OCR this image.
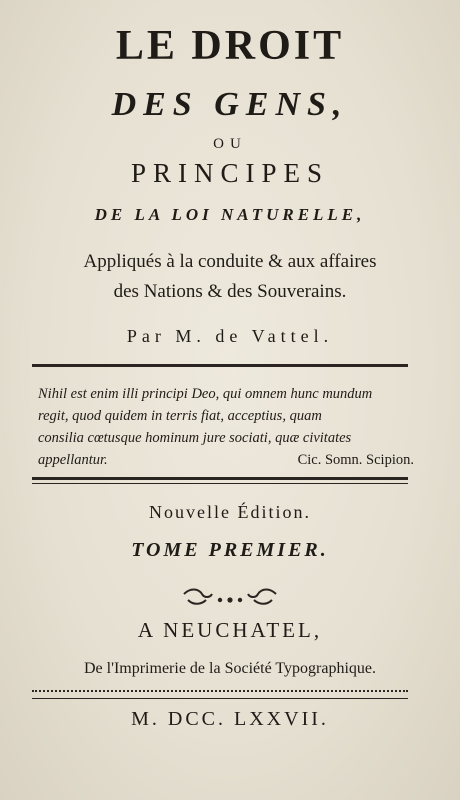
LE DROIT
DES GENS,
OU
PRINCIPES
DE LA LOI NATURELLE,
Appliqués à la conduite & aux affaires
des Nations & des Souverains.
Par M. de Vattel.
Nihil est enim illi principi Deo, qui omnem hunc mundum
regit, quod quidem in terris fiat, acceptius, quam
consilia cœtusque hominum jure sociati, quæ civitates
appellantur.	Cic. Somn. Scipion.
Nouvelle Édition.
TOME PREMIER.
A NEUCHATEL,
De l'Imprimerie de la Société Typographique.
M. DCC. LXXVII.
